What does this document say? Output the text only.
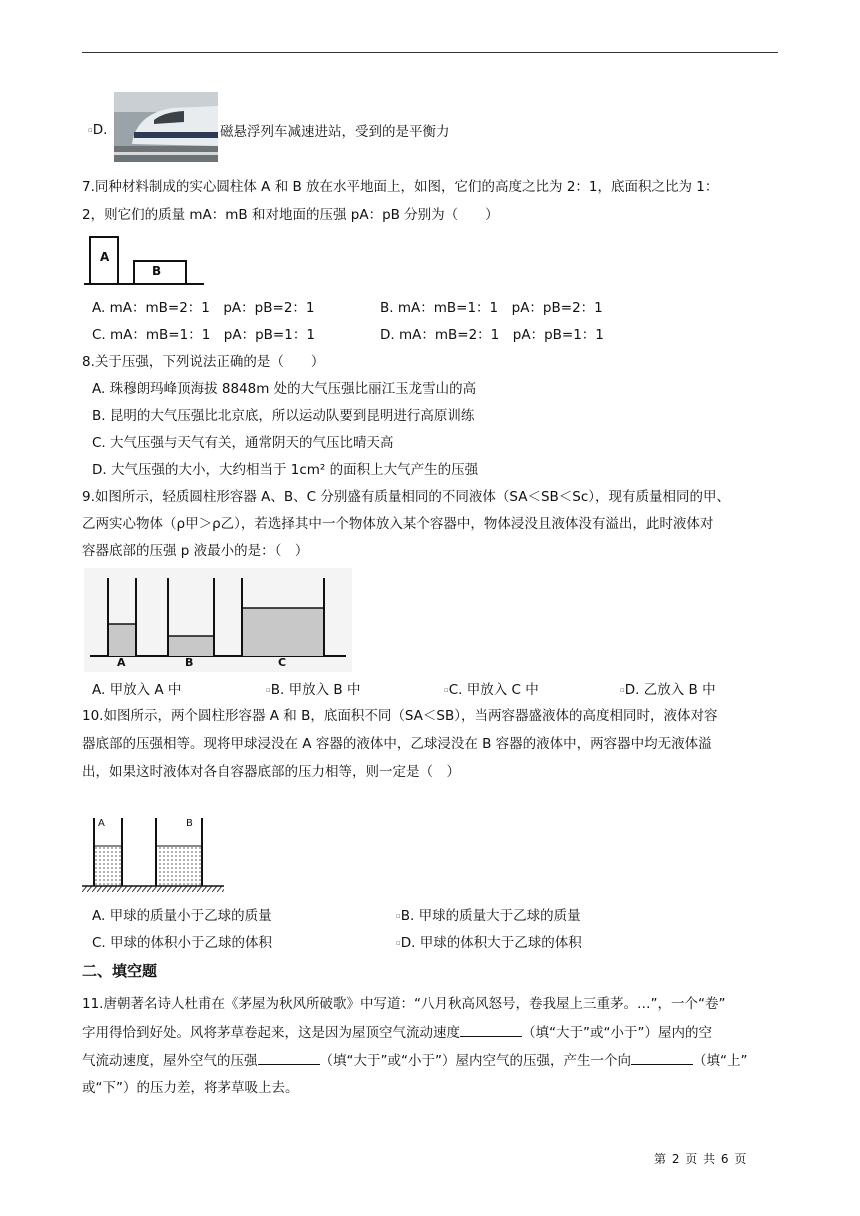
▫D.	磁悬浮列车减速进站，受到的是平衡力
7.同种材料制成的实心圆柱体 A 和 B 放在水平地面上，如图，它们的高度之比为 2：1，底面积之比为 1：
2，则它们的质量 mA：mB 和对地面的压强 pA：pB 分别为（　　）
A
B
A. mA：mB=2：1　pA：pB=2：1	B. mA：mB=1：1　pA：pB=2：1
C. mA：mB=1：1　pA：pB=1：1	D. mA：mB=2：1　pA：pB=1：1
8.关于压强，下列说法正确的是（　　）
A. 珠穆朗玛峰顶海拔 8848m 处的大气压强比丽江玉龙雪山的高
B. 昆明的大气压强比北京底，所以运动队要到昆明进行高原训练
C. 大气压强与天气有关，通常阴天的气压比晴天高
D. 大气压强的大小，大约相当于 1cm² 的面积上大气产生的压强
9.如图所示，轻质圆柱形容器 A、B、C 分别盛有质量相同的不同液体（SA＜SB＜Sc），现有质量相同的甲、
乙两实心物体（ρ甲＞ρ乙），若选择其中一个物体放入某个容器中，物体浸没且液体没有溢出，此时液体对
容器底部的压强 p 液最小的是：（　）
A	B	C
A. 甲放入 A 中	▫B. 甲放入 B 中	▫C. 甲放入 C 中	▫D. 乙放入 B 中
10.如图所示，两个圆柱形容器 A 和 B，底面积不同（SA＜SB），当两容器盛液体的高度相同时，液体对容
器底部的压强相等。现将甲球浸没在 A 容器的液体中，乙球浸没在 B 容器的液体中，两容器中均无液体溢
出，如果这时液体对各自容器底部的压力相等，则一定是（　）
A	B
A. 甲球的质量小于乙球的质量	▫B. 甲球的质量大于乙球的质量
C. 甲球的体积小于乙球的体积	▫D. 甲球的体积大于乙球的体积
二、填空题
11.唐朝著名诗人杜甫在《茅屋为秋风所破歌》中写道：“八月秋高风怒号，卷我屋上三重茅。…”，一个“卷”
字用得恰到好处。风将茅草卷起来，这是因为屋顶空气流动速度	（填“大于”或“小于”）屋内的空
气流动速度，屋外空气的压强	（填“大于”或“小于”）屋内空气的压强，产生一个向	（填“上”
或“下”）的压力差，将茅草吸上去。
第 2 页 共 6 页
